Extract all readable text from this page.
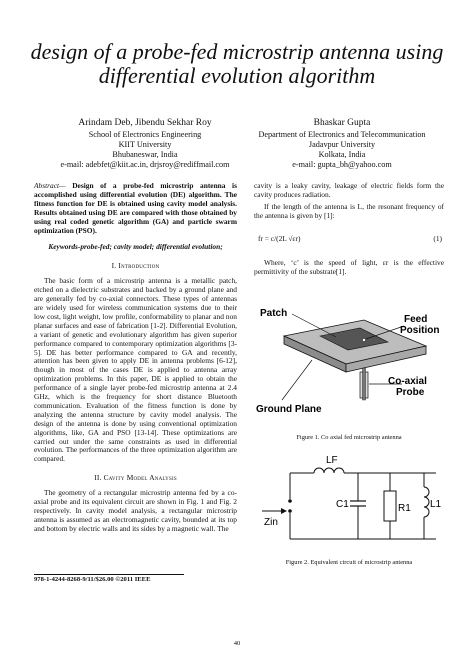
design of a probe-fed microstrip antenna using differential evolution algorithm
Arindam Deb, Jibendu Sekhar Roy
School of Electronics Engineering
KIIT University
Bhubaneswar, India
e-mail: adebfet@kiit.ac.in, drjsroy@rediffmail.com
Bhaskar Gupta
Department of Electronics and Telecommunication
Jadavpur University
Kolkata, India
e-mail: gupta_bh@yahoo.com

Abstract— Design of a probe-fed microstrip antenna is accomplished using differential evolution (DE) algorithm. The fitness function for DE is obtained using cavity model analysis. Results obtained using DE are compared with those obtained by using real coded genetic algorithm (GA) and particle swarm optimization (PSO).

Keywords-probe-fed; cavity model; differential evolution;
I. Introduction

The basic form of a microstrip antenna is a metallic patch, etched on a dielectric substrates and backed by a ground plane and are generally fed by co-axial connectors. These types of antennas are widely used for wireless communication systems due to their low cost, light weight, low profile, conformability to planar and non planar surfaces and ease of fabrication [1-2]. Differential Evolution, a variant of genetic and evolutionary algorithm has given superior performance compared to contemporary optimization algorithms [3-5]. DE has better performance compared to GA and recently, attention has been given to apply DE in antenna problems [6-12], though in most of the cases DE is applied to antenna array optimization problems. In this paper, DE is applied to obtain the performance of a single layer probe-fed microstrip antenna at 2.4 GHz, which is the frequency for short distance Bluetooth communication. Evaluation of the fitness function is done by analyzing the antenna structure by cavity model analysis. The design of the antenna is done by using conventional optimization algorithms, like, GA and PSO [13-14]. These optimizations are carried out under the same constraints as used in differential evolution. The performances of the three optimization algorithm are compared.

II. Cavity Model Analysis

The geometry of a rectangular microstrip antenna fed by a co-axial probe and its equivalent circuit are shown in Fig. 1 and Fig. 2 respectively. In cavity model analysis, a rectangular microstrip antenna is assumed as an electromagnetic cavity, bounded at its top and bottom by electric walls and its sides by a magnetic wall. The

cavity is a leaky cavity, leakage of electric fields form the cavity produces radiation.

If the length of the antenna is L, the resonant frequency of the antenna is given by [1]:

fr = c/(2L √εr)	(1)

Where, ‘c’ is the speed of light, εr is the effective permittivity of the substrate[1].

Patch
Feed
Position
Ground Plane
Co-axial
Probe
Figure 1. Co axial fed microstrip antenna
LF
C1	R1 L1
Zin
Figure 2. Equivalent circuit of microstrip antenna
978-1-4244-8268-9/11/$26.00 ©2011 IEEE
40
